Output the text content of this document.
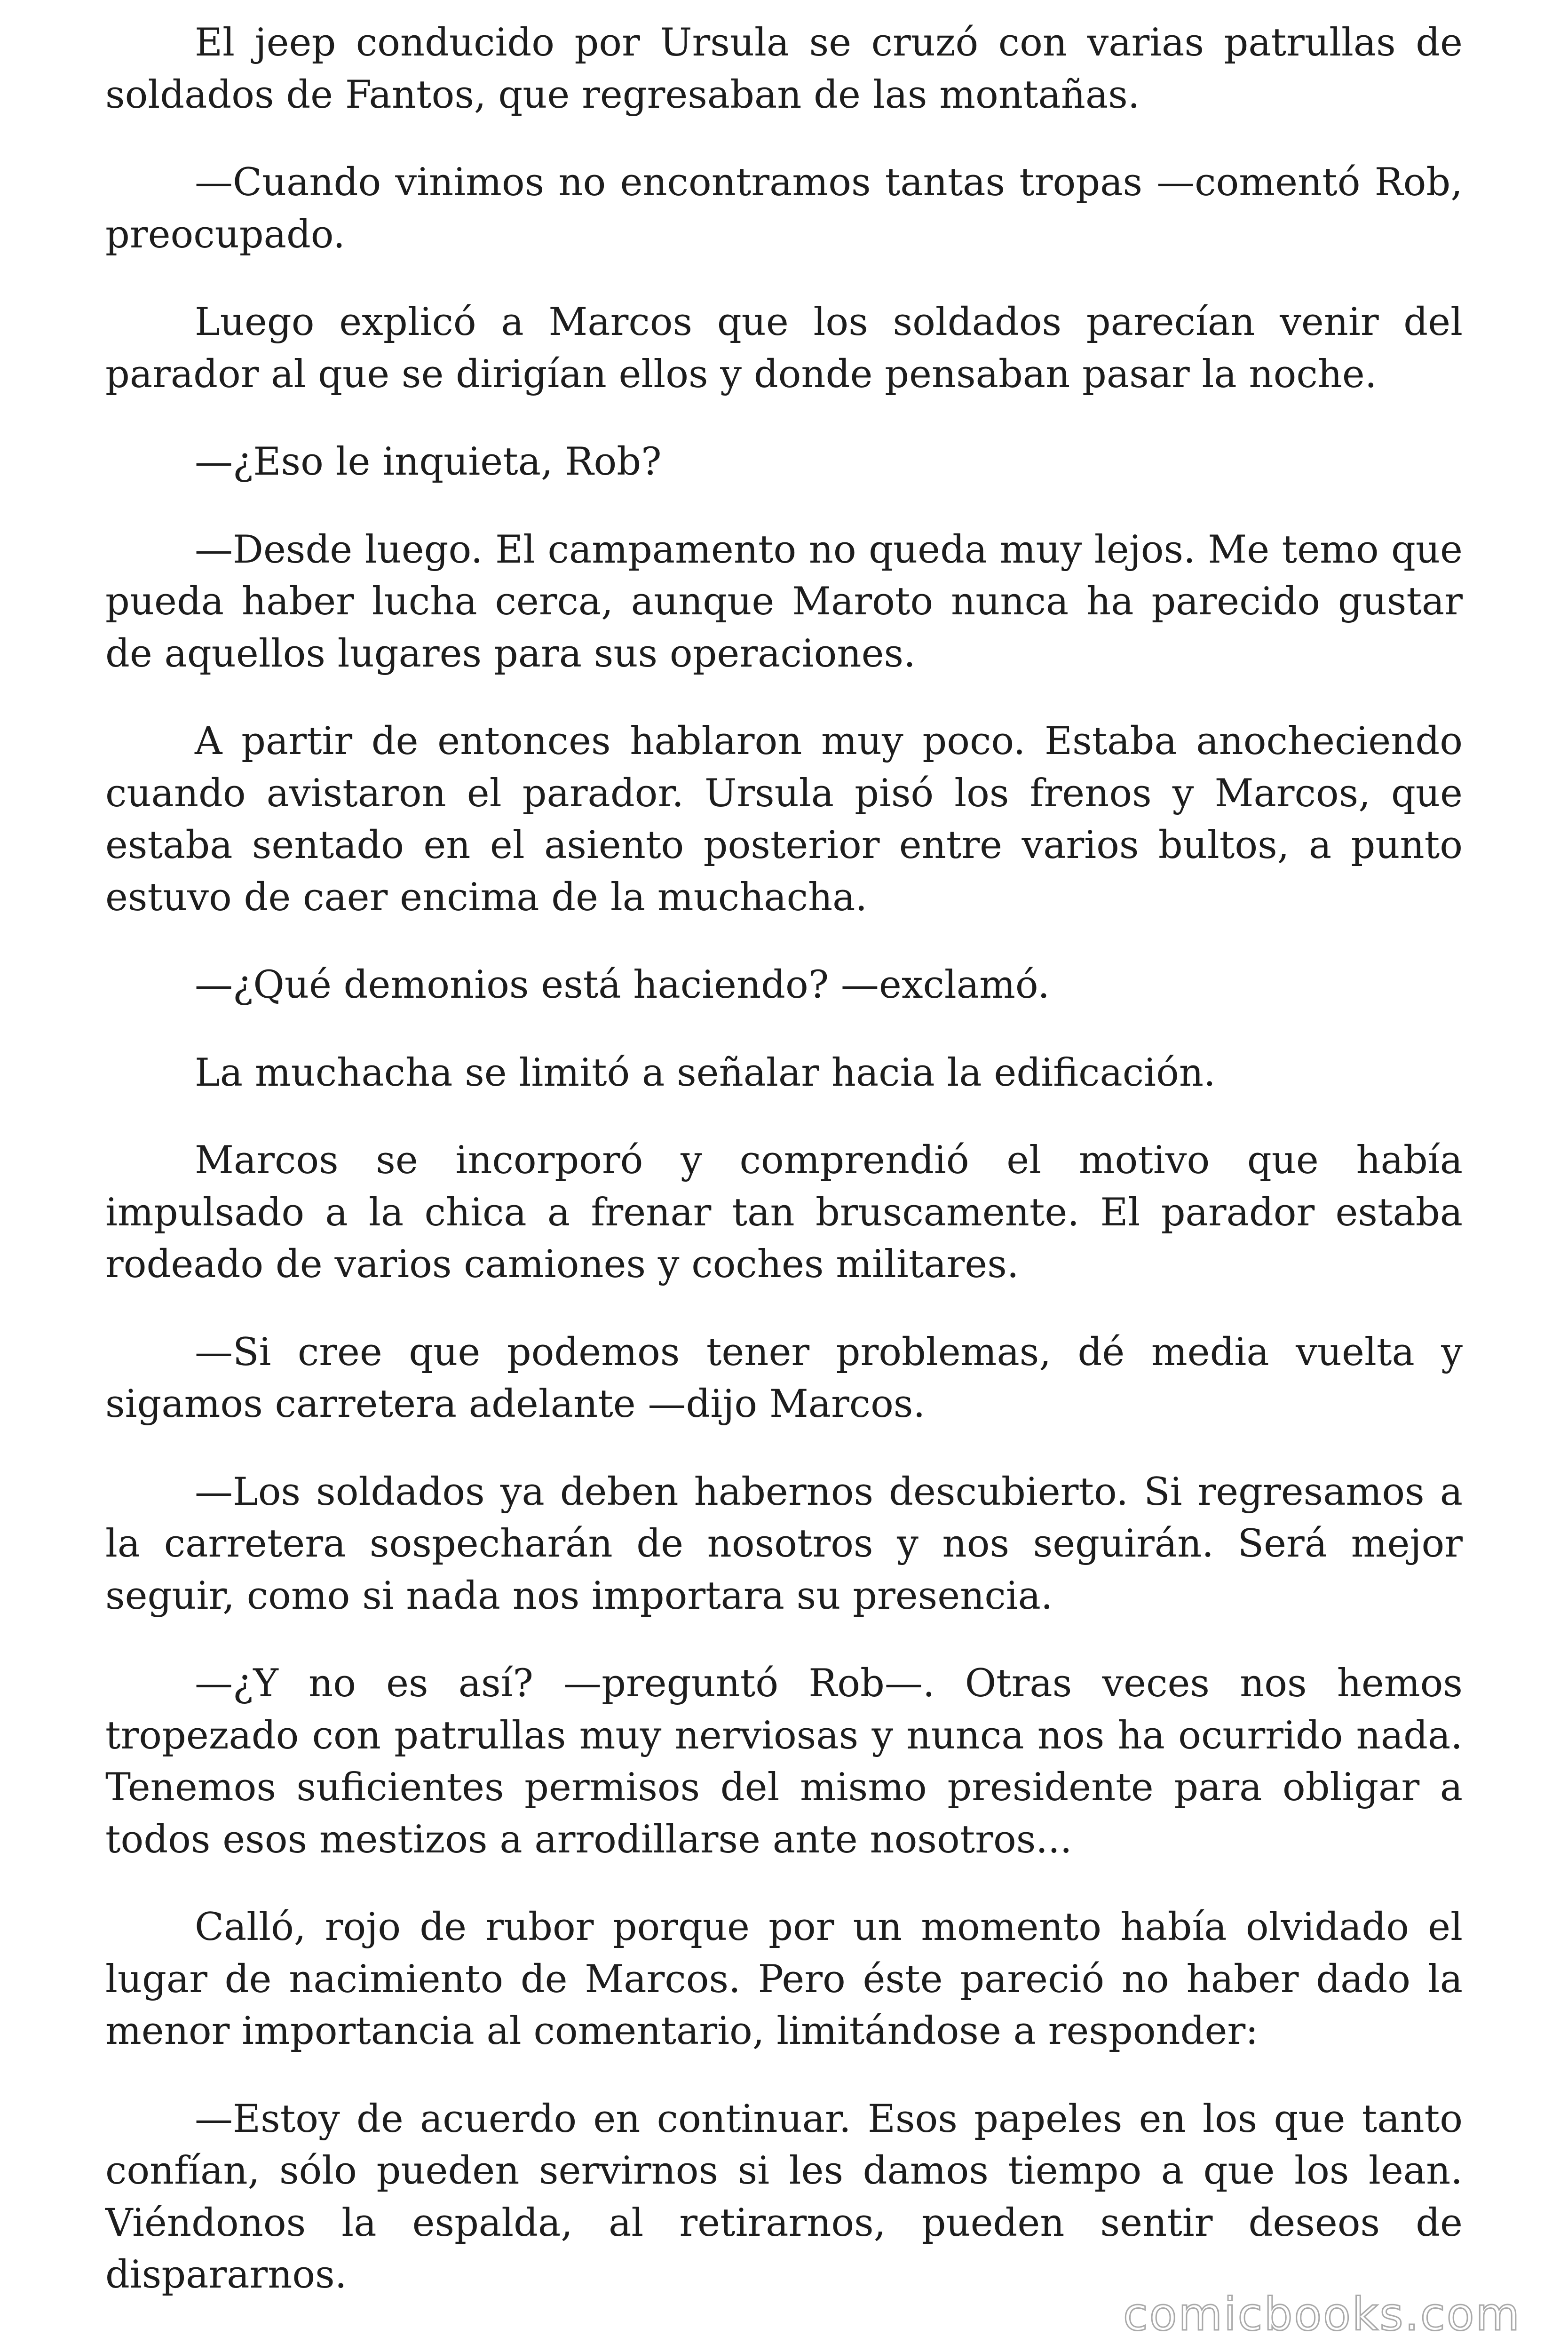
El jeep conducido por Ursula se cruzó con varias patrullas de soldados de Fantos, que regresaban de las montañas.

—Cuando vinimos no encontramos tantas tropas —comentó Rob, preocupado.

Luego explicó a Marcos que los soldados parecían venir del parador al que se dirigían ellos y donde pensaban pasar la noche.

—¿Eso le inquieta, Rob?

—Desde luego. El campamento no queda muy lejos. Me temo que pueda haber lucha cerca, aunque Maroto nunca ha parecido gustar de aquellos lugares para sus operaciones.

A partir de entonces hablaron muy poco. Estaba anocheciendo cuando avistaron el parador. Ursula pisó los frenos y Marcos, que estaba sentado en el asiento posterior entre varios bultos, a punto estuvo de caer encima de la muchacha.

—¿Qué demonios está haciendo? —exclamó.

La muchacha se limitó a señalar hacia la edificación.

Marcos se incorporó y comprendió el motivo que había impulsado a la chica a frenar tan bruscamente. El parador estaba rodeado de varios camiones y coches militares.

—Si cree que podemos tener problemas, dé media vuelta y sigamos carretera adelante —dijo Marcos.

—Los soldados ya deben habernos descubierto. Si regresamos a la carretera sospecharán de nosotros y nos seguirán. Será mejor seguir, como si nada nos importara su presencia.

—¿Y no es así? —preguntó Rob—. Otras veces nos hemos tropezado con patrullas muy nerviosas y nunca nos ha ocurrido nada. Tenemos suficientes permisos del mismo presidente para obligar a todos esos mestizos a arrodillarse ante nosotros...

Calló, rojo de rubor porque por un momento había olvidado el lugar de nacimiento de Marcos. Pero éste pareció no haber dado la menor importancia al comentario, limitándose a responder:

—Estoy de acuerdo en continuar. Esos papeles en los que tanto confían, sólo pueden servirnos si les damos tiempo a que los lean. Viéndonos la espalda, al retirarnos, pueden sentir deseos de dispararnos.

comicbooks.com
